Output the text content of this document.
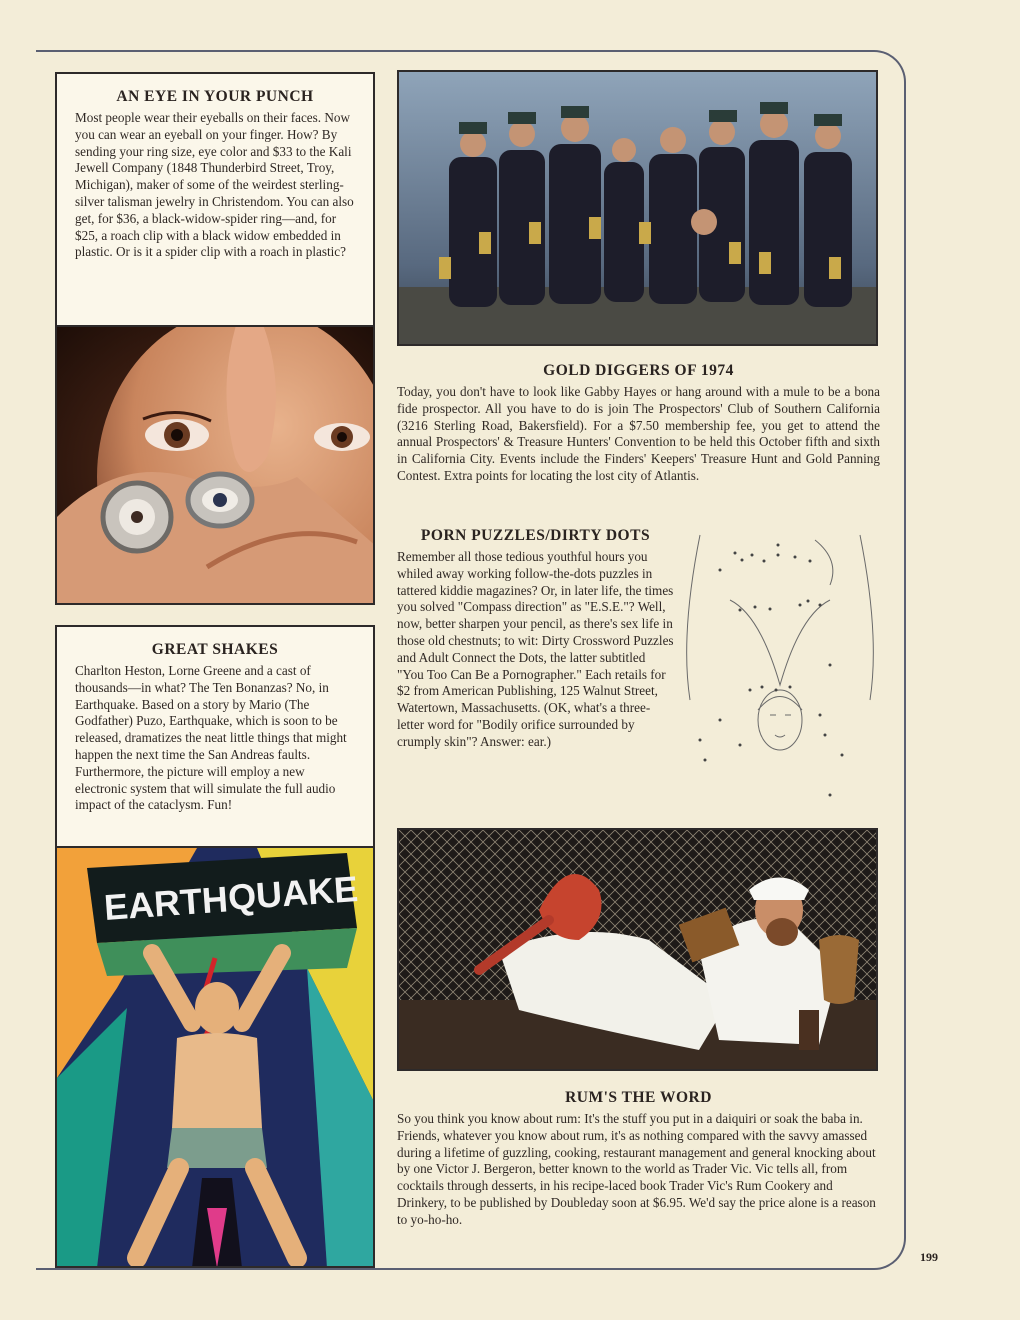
AN EYE IN YOUR PUNCH

Most people wear their eyeballs on their faces. Now you can wear an eyeball on your finger. How? By sending your ring size, eye color and $33 to the Kali Jewell Company (1848 Thunderbird Street, Troy, Michigan), maker of some of the weirdest sterling-silver talisman jewelry in Christendom. You can also get, for $36, a black-widow-spider ring—and, for $25, a roach clip with a black widow embedded in plastic. Or is it a spider clip with a roach in plastic?

GOLD DIGGERS OF 1974

Today, you don't have to look like Gabby Hayes or hang around with a mule to be a bona fide prospector. All you have to do is join The Prospectors' Club of Southern California (3216 Sterling Road, Bakersfield). For a $7.50 membership fee, you get to attend the annual Prospectors' & Treasure Hunters' Convention to be held this October fifth and sixth in California City. Events include the Finders' Keepers' Treasure Hunt and Gold Panning Contest. Extra points for locating the lost city of Atlantis.

PORN PUZZLES/DIRTY DOTS

Remember all those tedious youthful hours you whiled away working follow-the-dots puzzles in tattered kiddie magazines? Or, in later life, the times you solved "Compass direction" as "E.S.E."? Well, now, better sharpen your pencil, as there's sex life in those old chestnuts; to wit: Dirty Crossword Puzzles and Adult Connect the Dots, the latter subtitled "You Too Can Be a Pornographer." Each retails for $2 from American Publishing, 125 Walnut Street, Watertown, Massachusetts. (OK, what's a three-letter word for "Bodily orifice surrounded by crumply skin"? Answer: ear.)

GREAT SHAKES

Charlton Heston, Lorne Greene and a cast of thousands—in what? The Ten Bonanzas? No, in Earthquake. Based on a story by Mario (The Godfather) Puzo, Earthquake, which is soon to be released, dramatizes the neat little things that might happen the next time the San Andreas faults. Furthermore, the picture will employ a new electronic system that will simulate the full audio impact of the cataclysm. Fun!

EARTH
QUAKE
RUM'S THE WORD

So you think you know about rum: It's the stuff you put in a daiquiri or soak the baba in. Friends, whatever you know about rum, it's as nothing compared with the savvy amassed during a lifetime of guzzling, cooking, restaurant management and general knocking about by one Victor J. Bergeron, better known to the world as Trader Vic. Vic tells all, from cocktails through desserts, in his recipe-laced book Trader Vic's Rum Cookery and Drinkery, to be published by Doubleday soon at $6.95. We'd say the price alone is a reason to yo-ho-ho.

199
